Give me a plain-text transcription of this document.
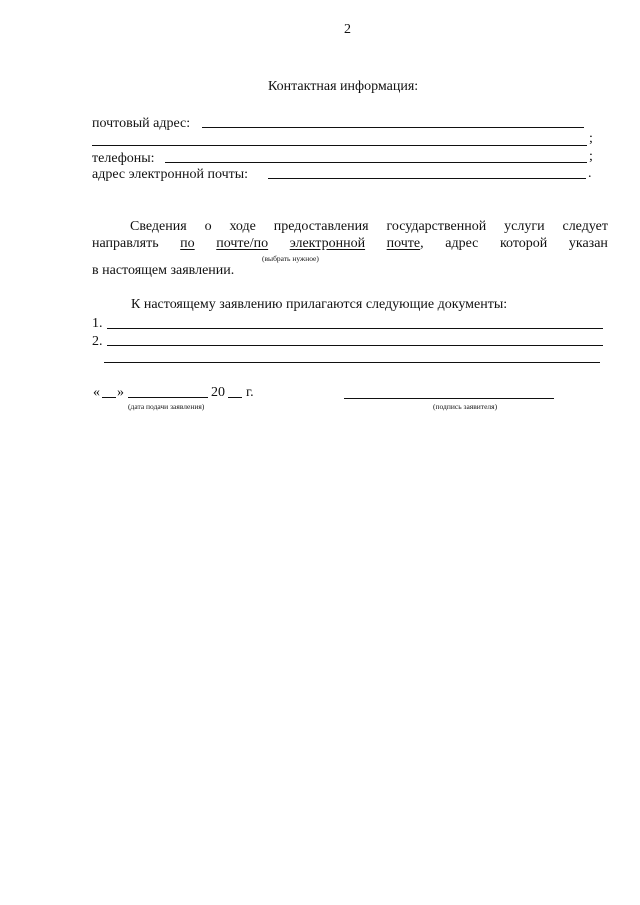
2
Контактная информация:
почтовый адрес:
;
телефоны:	;
адрес электронной почты:	.
Сведения о ходе предоставления государственной услуги следует
направлять по почте/по электронной почте, адрес которой указан
(выбрать нужное)
в настоящем заявлении.
К настоящему заявлению прилагаются следующие документы:
1.
2.
« »	20 г.
(дата подачи заявления)	(подпись заявителя)
